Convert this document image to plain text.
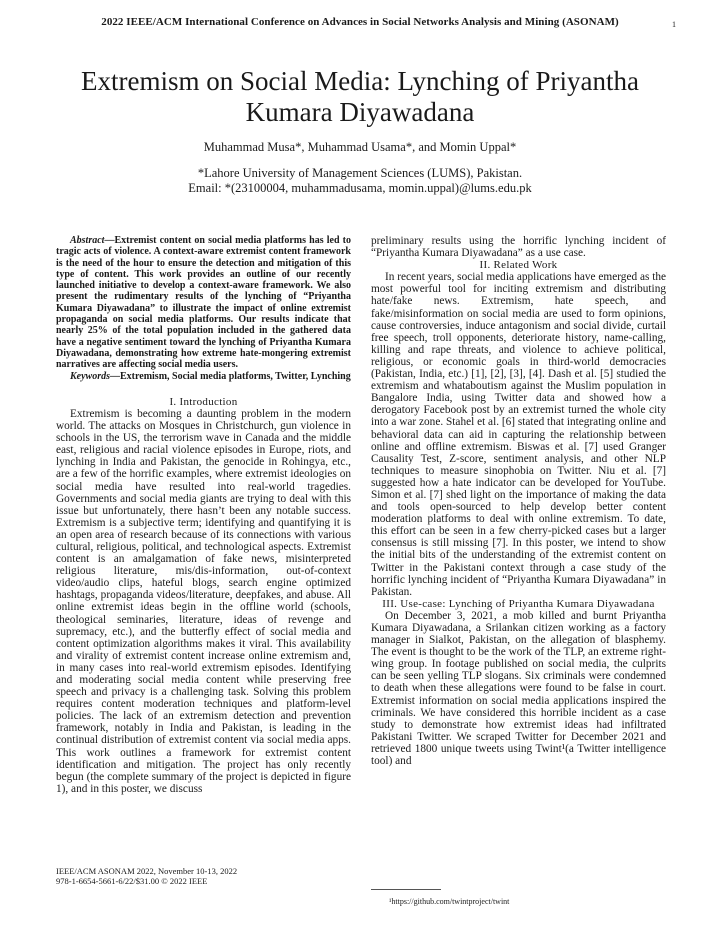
2022 IEEE/ACM International Conference on Advances in Social Networks Analysis and Mining (ASONAM)	1
Extremism on Social Media: Lynching of Priyantha Kumara Diyawadana
Muhammad Musa*, Muhammad Usama*, and Momin Uppal*
*Lahore University of Management Sciences (LUMS), Pakistan.
Email: *(23100004, muhammadusama, momin.uppal)@lums.edu.pk

Abstract—Extremist content on social media platforms has led to tragic acts of violence. A context-aware extremist content framework is the need of the hour to ensure the detection and mitigation of this type of content. This work provides an outline of our recently launched initiative to develop a context-aware framework. We also present the rudimentary results of the lynching of “Priyantha Kumara Diyawadana” to illustrate the impact of online extremist propaganda on social media platforms. Our results indicate that nearly 25% of the total population included in the gathered data have a negative sentiment toward the lynching of Priyantha Kumara Diyawadana, demonstrating how extreme hate-mongering extremist narratives are affecting social media users.

Keywords—Extremism, Social media platforms, Twitter, Lynching

I. Introduction

Extremism is becoming a daunting problem in the modern world. The attacks on Mosques in Christchurch, gun violence in schools in the US, the terrorism wave in Canada and the middle east, religious and racial violence episodes in Europe, riots, and lynching in India and Pakistan, the genocide in Rohingya, etc., are a few of the horrific examples, where extremist ideologies on social media have resulted into real-world tragedies. Governments and social media giants are trying to deal with this issue but unfortunately, there hasn’t been any notable success. Extremism is a subjective term; identifying and quantifying it is an open area of research because of its connections with various cultural, religious, political, and technological aspects. Extremist content is an amalgamation of fake news, misinterpreted religious literature, mis/dis-information, out-of-context video/audio clips, hateful blogs, search engine optimized hashtags, propaganda videos/literature, deepfakes, and abuse. All online extremist ideas begin in the offline world (schools, theological seminaries, literature, ideas of revenge and supremacy, etc.), and the butterfly effect of social media and content optimization algorithms makes it viral. This availability and virality of extremist content increase online extremism and, in many cases into real-world extremism episodes. Identifying and moderating social media content while preserving free speech and privacy is a challenging task. Solving this problem requires content moderation techniques and platform-level policies. The lack of an extremism detection and prevention framework, notably in India and Pakistan, is leading in the continual distribution of extremist content via social media apps. This work outlines a framework for extremist content identification and mitigation. The project has only recently begun (the complete summary of the project is depicted in figure 1), and in this poster, we discuss

preliminary results using the horrific lynching incident of “Priyantha Kumara Diyawadana” as a use case.

II. Related Work

In recent years, social media applications have emerged as the most powerful tool for inciting extremism and distributing hate/fake news. Extremism, hate speech, and fake/misinformation on social media are used to form opinions, cause controversies, induce antagonism and social divide, curtail free speech, troll opponents, deteriorate history, name-calling, killing and rape threats, and violence to achieve political, religious, or economic goals in third-world democracies (Pakistan, India, etc.) [1], [2], [3], [4]. Dash et al. [5] studied the extremism and whataboutism against the Muslim population in Bangalore India, using Twitter data and showed how a derogatory Facebook post by an extremist turned the whole city into a war zone. Stahel et al. [6] stated that integrating online and behavioral data can aid in capturing the relationship between online and offline extremism. Biswas et al. [7] used Granger Causality Test, Z-score, sentiment analysis, and other NLP techniques to measure sinophobia on Twitter. Niu et al. [7] suggested how a hate indicator can be developed for YouTube. Simon et al. [7] shed light on the importance of making the data and tools open-sourced to help develop better content moderation platforms to deal with online extremism. To date, this effort can be seen in a few cherry-picked cases but a larger consensus is still missing [7]. In this poster, we intend to show the initial bits of the understanding of the extremist content on Twitter in the Pakistani context through a case study of the horrific lynching incident of “Priyantha Kumara Diyawadana” in Pakistan.

III. Use-case: Lynching of Priyantha Kumara Diyawadana

On December 3, 2021, a mob killed and burnt Priyantha Kumara Diyawadana, a Srilankan citizen working as a factory manager in Sialkot, Pakistan, on the allegation of blasphemy. The event is thought to be the work of the TLP, an extreme right-wing group. In footage published on social media, the culprits can be seen yelling TLP slogans. Six criminals were condemned to death when these allegations were found to be false in court. Extremist information on social media applications inspired the criminals. We have considered this horrible incident as a case study to demonstrate how extremist ideas had infiltrated Pakistani Twitter. We scraped Twitter for December 2021 and retrieved 1800 unique tweets using Twint¹(a Twitter intelligence tool) and

IEEE/ACM ASONAM 2022, November 10-13, 2022
978-1-6654-5661-6/22/$31.00 © 2022 IEEE
¹https://github.com/twintproject/twint
